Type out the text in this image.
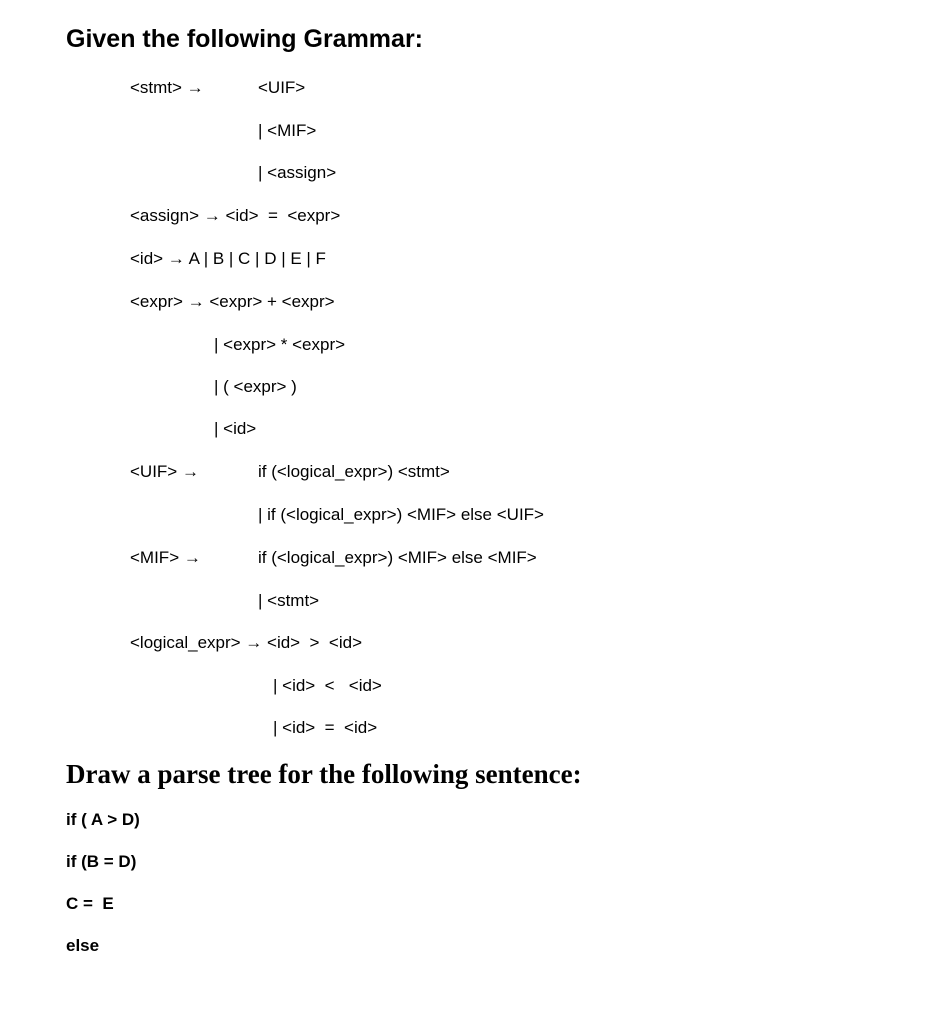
Given the following Grammar:
<stmt> →	<UIF>
| <MIF>
| <assign>
<assign> → <id>  =  <expr>
<id> → A | B | C | D | E | F
<expr> → <expr> + <expr>
| <expr> * <expr>
| ( <expr> )
| <id>
<UIF> →	if (<logical_expr>) <stmt>
| if (<logical_expr>) <MIF> else <UIF>
<MIF> →	if (<logical_expr>) <MIF> else <MIF>
| <stmt>
<logical_expr> → <id>  >  <id>
| <id>  <   <id>
| <id>  =  <id>
Draw a parse tree for the following sentence:
if ( A > D)
if (B = D)
C =  E
else
